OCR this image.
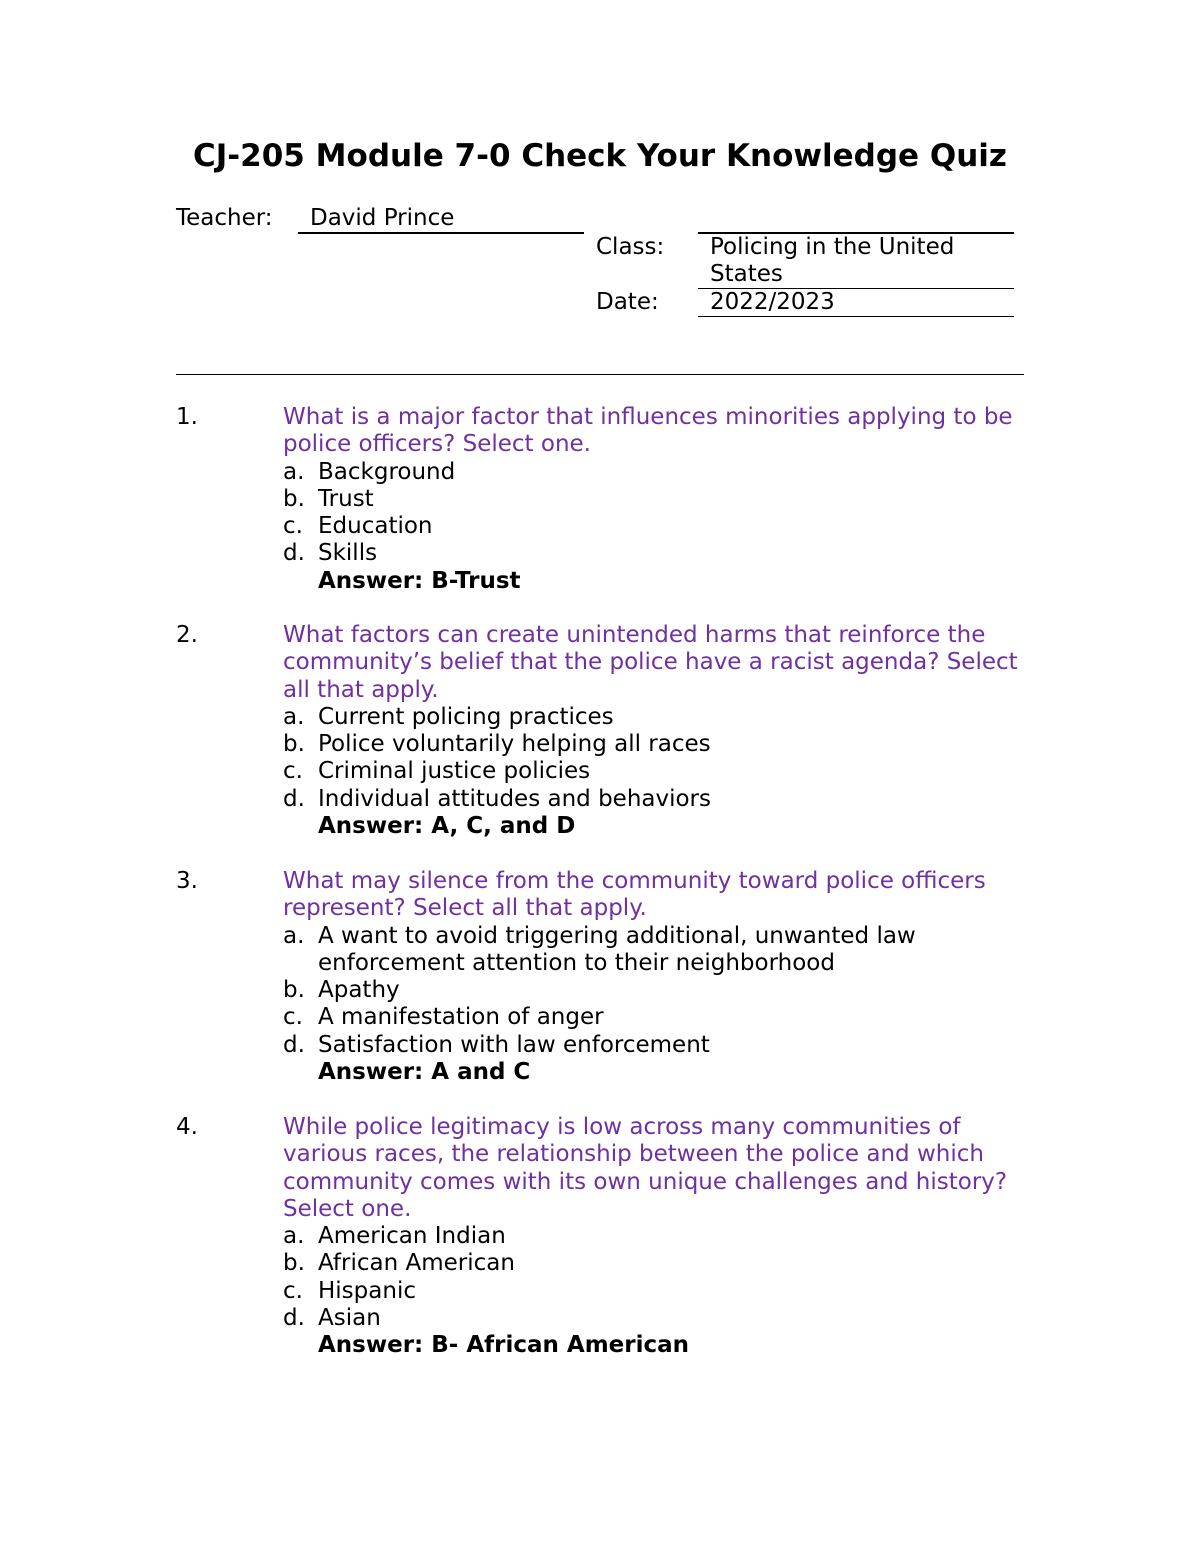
CJ-205 Module 7-0 Check Your Knowledge Quiz
Teacher: David Prince
Class: Policing in the United States
Date: 2022/2023
1.	What is a major factor that influences minorities applying to be police officers? Select one.
a. Background
b. Trust
c. Education
d. Skills
Answer: B-Trust
2.	What factors can create unintended harms that reinforce the community’s belief that the police have a racist agenda? Select all that apply.
a. Current policing practices
b. Police voluntarily helping all races
c. Criminal justice policies
d. Individual attitudes and behaviors
Answer: A, C, and D
3.	What may silence from the community toward police officers represent? Select all that apply.
a. A want to avoid triggering additional, unwanted law enforcement attention to their neighborhood
b. Apathy
c. A manifestation of anger
d. Satisfaction with law enforcement
Answer: A and C
4.	While police legitimacy is low across many communities of various races, the relationship between the police and which community comes with its own unique challenges and history? Select one.
a. American Indian
b. African American
c. Hispanic
d. Asian
Answer: B- African American
